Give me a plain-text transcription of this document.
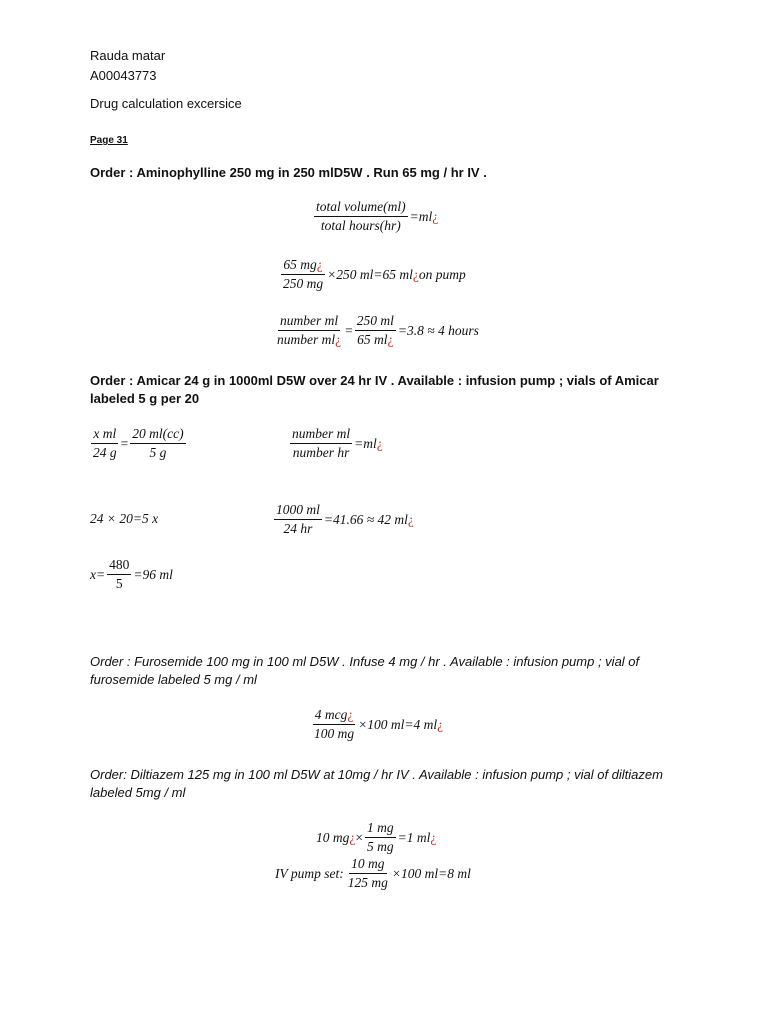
Rauda matar
A00043773
Drug calculation excersice
Page 31
Order : Aminophylline 250 mg in 250 mlD5W . Run 65 mg / hr IV .
$\frac{\text{total volume(ml)}}{\text{total hours(hr)}} =ml$ ¿
$\frac{65 mg¿}{250 mg} \times 250$ ml=65 ml ¿ on pump
$\frac{\text{number ml}}{\text{number ml¿}} = \frac{250 ml}{65 ml¿} =3.8 \approx 4$ hours
Order : Amicar 24 g in 1000ml D5W over 24 hr IV . Available : infusion pump ; vials of Amicar labeled 5 g per 20
$\frac{\text{x ml}}{24 g} = \frac{20 ml(cc)}{5 g}$	$\frac{\text{number ml}}{\text{number hr}} =ml$ ¿
24 × 20=5 x	$\frac{1000 ml}{24 hr} =41.66 \approx 42$ ml ¿
$x= \frac{480}{5} =96$ ml
Order : Furosemide 100 mg in 100 ml D5W . Infuse 4 mg / hr . Available : infusion pump ; vial of furosemide labeled 5 mg / ml
$\frac{\text{4 mcg¿}}{100 mg} \times 100$ ml=4 ml ¿
Order: Diltiazem 125 mg in 100 ml D5W at 10mg / hr IV . Available : infusion pump ; vial of diltiazem labeled 5mg / ml
10 mg ¿ × $\frac{1 mg}{5 mg} =1$ ml ¿
IV pump set: $\frac{10 mg}{125 mg} \times 100$ ml=8 ml
